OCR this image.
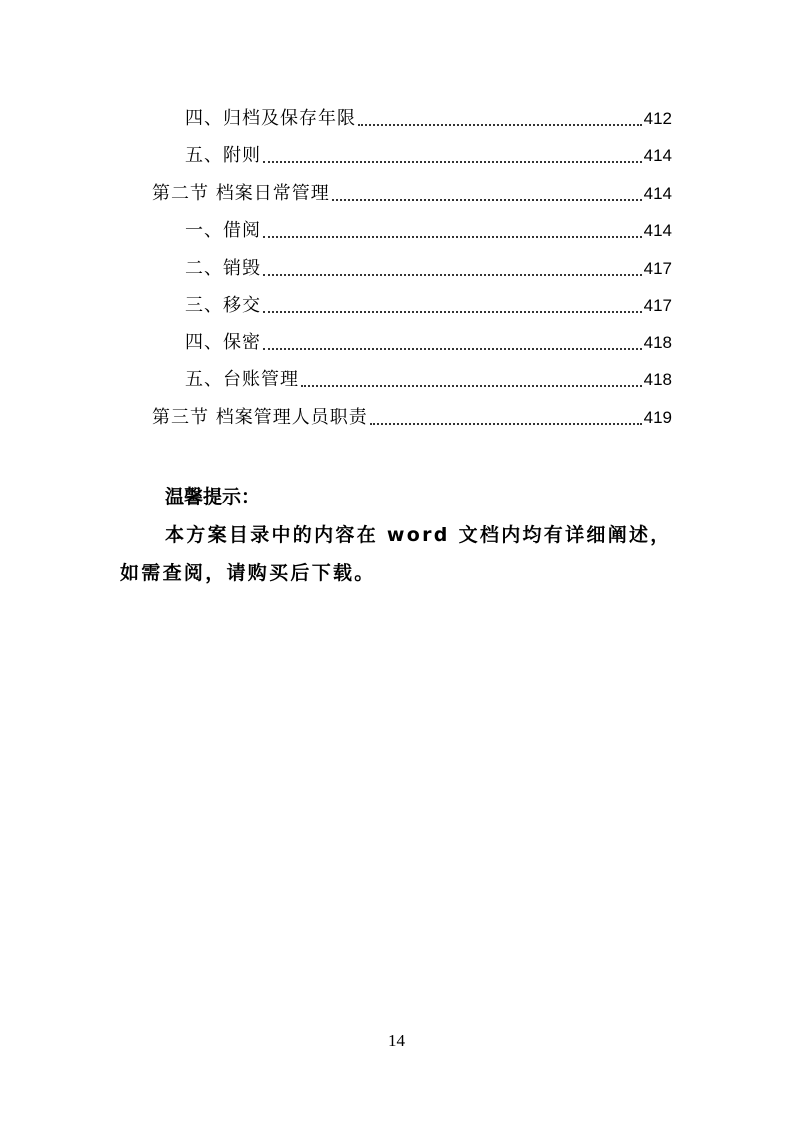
四、归档及保存年限	412
五、附则	414
第二节 档案日常管理	414
一、借阅	414
二、销毁	417
三、移交	417
四、保密	418
五、台账管理	418
第三节 档案管理人员职责	419
温馨提示：
本方案目录中的内容在 word 文档内均有详细阐述，如需查阅，请购买后下载。
14
